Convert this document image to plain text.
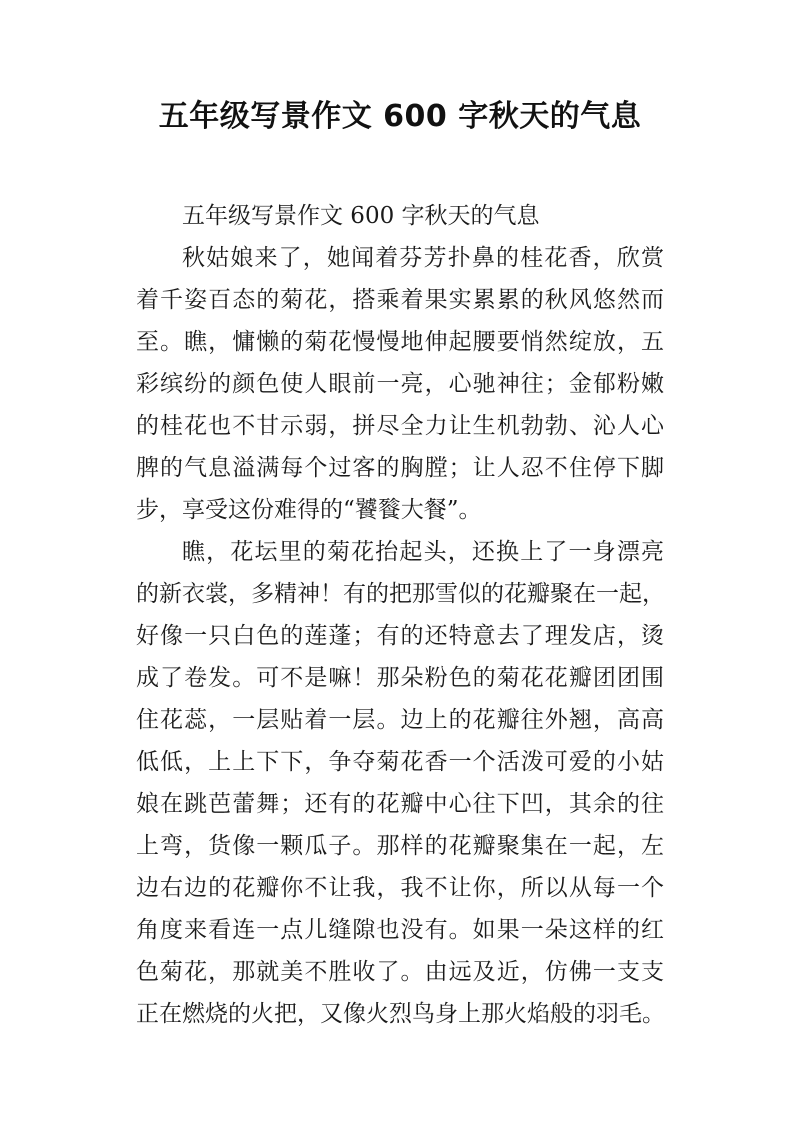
五年级写景作文 600 字秋天的气息
五年级写景作文 600 字秋天的气息
秋姑娘来了，她闻着芬芳扑鼻的桂花香，欣赏
着千姿百态的菊花，搭乘着果实累累的秋风悠然而
至。瞧，慵懒的菊花慢慢地伸起腰要悄然绽放，五
彩缤纷的颜色使人眼前一亮，心驰神往；金郁粉嫩
的桂花也不甘示弱，拼尽全力让生机勃勃、沁人心
脾的气息溢满每个过客的胸膛；让人忍不住停下脚
步，享受这份难得的“饕餮大餐”。
瞧，花坛里的菊花抬起头，还换上了一身漂亮
的新衣裳，多精神！有的把那雪似的花瓣聚在一起，
好像一只白色的莲蓬；有的还特意去了理发店，烫
成了卷发。可不是嘛！那朵粉色的菊花花瓣团团围
住花蕊，一层贴着一层。边上的花瓣往外翘，高高
低低，上上下下，争夺菊花香一个活泼可爱的小姑
娘在跳芭蕾舞；还有的花瓣中心往下凹，其余的往
上弯，货像一颗瓜子。那样的花瓣聚集在一起，左
边右边的花瓣你不让我，我不让你，所以从每一个
角度来看连一点儿缝隙也没有。如果一朵这样的红
色菊花，那就美不胜收了。由远及近，仿佛一支支
正在燃烧的火把，又像火烈鸟身上那火焰般的羽毛。
